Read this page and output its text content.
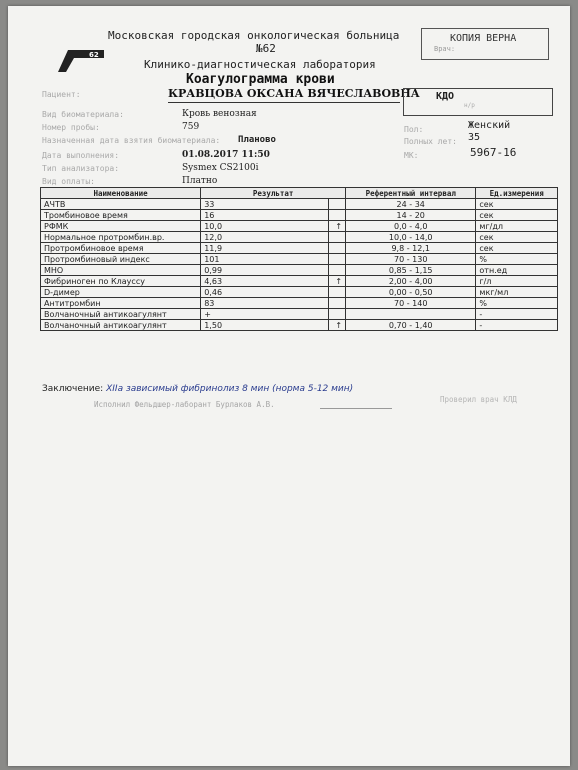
62
Московская городская онкологическая больница
№62
Клинико-диагностическая лаборатория
Коагулограмма крови
КОПИЯ ВЕРНА
Врач:
Пациент:	КРАВЦОВА ОКСАНА ВЯЧЕСЛАВОВНА КДО
н/р
Вид биоматериала:	Кровь венозная
Номер пробы:	759
Назначенная дата взятия биоматериала: Планово
Дата выполнения:	01.08.2017 11:50
Тип анализатора:	Sysmex CS2100i
Вид оплаты:	Платно
Пол:	Женский
Полных лет: 35
МК:	5967-16
Наименование	Результат		Референтный интервал	Ед.измерения
АЧТВ	33		24 - 34	сек
Тромбиновое время	16		14 - 20	сек
РФМК	10,0	↑	0,0 - 4,0	мг/дл
Нормальное протромбин.вр.	12,0		10,0 - 14,0	сек
Протромбиновое время	11,9		9,8 - 12,1	сек
Протромбиновый индекс	101		70 - 130	%
МНО	0,99		0,85 - 1,15	отн.ед
Фибриноген по Клауссу	4,63	↑	2,00 - 4,00	г/л
D-димер	0,46		0,00 - 0,50	мкг/мл
Антитромбин	83		70 - 140	%
Волчаночный антикоагулянт	+			-
Волчаночный антикоагулянт	1,50	↑	0,70 - 1,40	-
Заключение: XIIa зависимый фибринолиз 8 мин (норма 5-12 мин)
Исполнил Фельдшер-лаборант Бурлаков А.В.
Проверил врач КЛД
